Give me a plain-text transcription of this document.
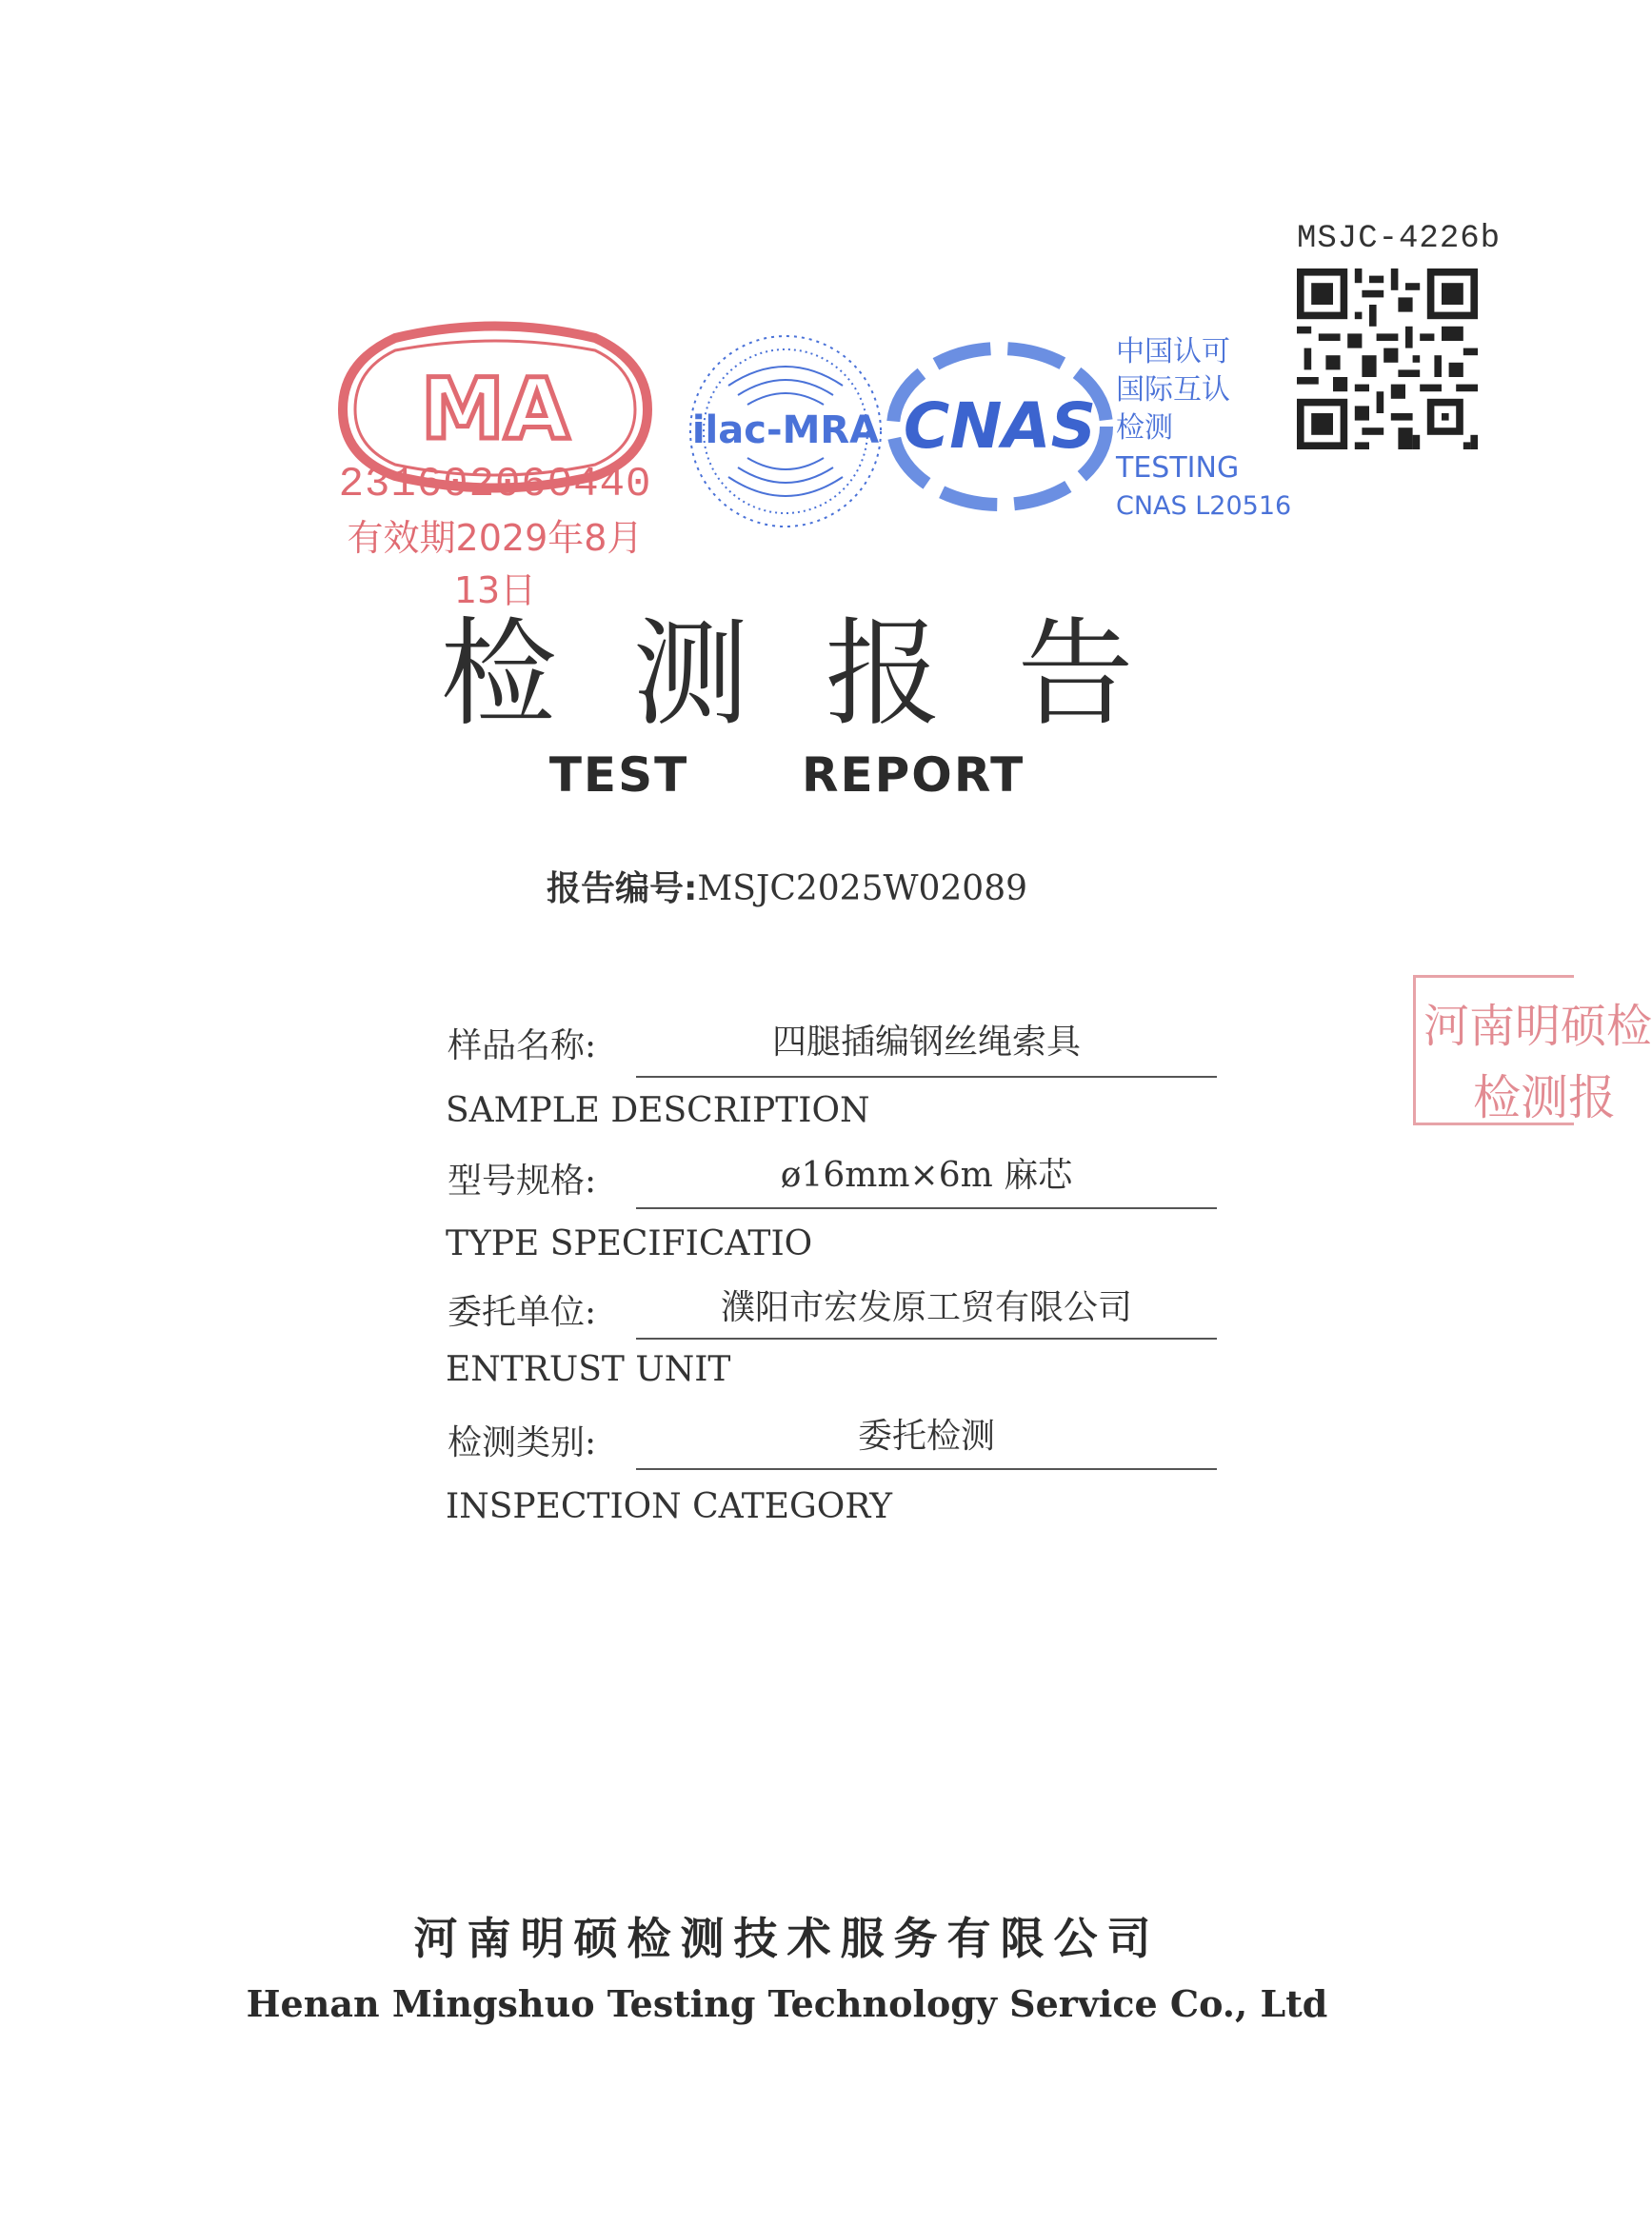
MSJC-4226b
MA
231602060440
有效期2029年8月13日
ilac-MRA CNAS
中国认可
国际互认
检测
TESTING
CNAS L20516
检测报告
TEST  REPORT
报告编号:MSJC2025W02089
样品名称:	四腿插编钢丝绳索具
SAMPLE DESCRIPTION
型号规格:	ø16mm×6m 麻芯
TYPE SPECIFICATIO
委托单位:	濮阳市宏发原工贸有限公司
ENTRUST UNIT
检测类别:	委托检测
INSPECTION CATEGORY
河南明硕检
检测报
河南明硕检测技术服务有限公司
Henan Mingshuo Testing Technology Service Co., Ltd
